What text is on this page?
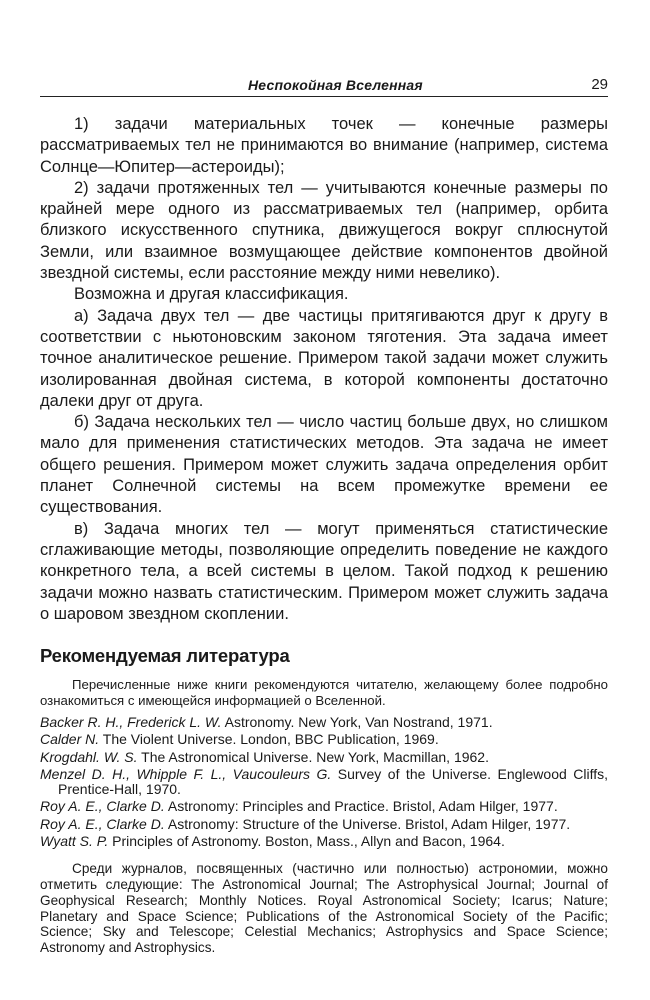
Неспокойная Вселенная	29

1) задачи материальных точек — конечные размеры рассматриваемых тел не принимаются во внимание (например, система Солнце—Юпитер—астероиды);

2) задачи протяженных тел — учитываются конечные размеры по крайней мере одного из рассматриваемых тел (например, орбита близкого искусственного спутника, движущегося вокруг сплюснутой Земли, или взаимное возмущающее действие компонентов двойной звездной системы, если расстояние между ними невелико).

Возможна и другая классификация.

а) Задача двух тел — две частицы притягиваются друг к другу в соответствии с ньютоновским законом тяготения. Эта задача имеет точное аналитическое решение. Примером такой задачи может служить изолированная двойная система, в которой компоненты достаточно далеки друг от друга.

б) Задача нескольких тел — число частиц больше двух, но слишком мало для применения статистических методов. Эта задача не имеет общего решения. Примером может служить задача определения орбит планет Солнечной системы на всем промежутке времени ее существования.

в) Задача многих тел — могут применяться статистические сглаживающие методы, позволяющие определить поведение не каждого конкретного тела, а всей системы в целом. Такой подход к решению задачи можно назвать статистическим. Примером может служить задача о шаровом звездном скоплении.

Рекомендуемая литература

Перечисленные ниже книги рекомендуются читателю, желающему более подробно ознакомиться с имеющейся информацией о Вселенной.

Backer R. H., Frederick L. W. Astronomy. New York, Van Nostrand, 1971.
Calder N. The Violent Universe. London, BBC Publication, 1969.
Krogdahl. W. S. The Astronomical Universe. New York, Macmillan, 1962.
Menzel D. H., Whipple F. L., Vaucouleurs G. Survey of the Universe. Englewood Cliffs, Prentice-Hall, 1970.
Roy A. E., Clarke D. Astronomy: Principles and Practice. Bristol, Adam Hilger, 1977.
Roy A. E., Clarke D. Astronomy: Structure of the Universe. Bristol, Adam Hilger, 1977.
Wyatt S. P. Principles of Astronomy. Boston, Mass., Allyn and Bacon, 1964.

Среди журналов, посвященных (частично или полностью) астрономии, можно отметить следующие: The Astronomical Journal; The Astrophysical Journal; Journal of Geophysical Research; Monthly Notices. Royal Astronomical Society; Icarus; Nature; Planetary and Space Science; Publications of the Astronomical Society of the Pacific; Science; Sky and Telescope; Celestial Mechanics; Astrophysics and Space Science; Astronomy and Astrophysics.
